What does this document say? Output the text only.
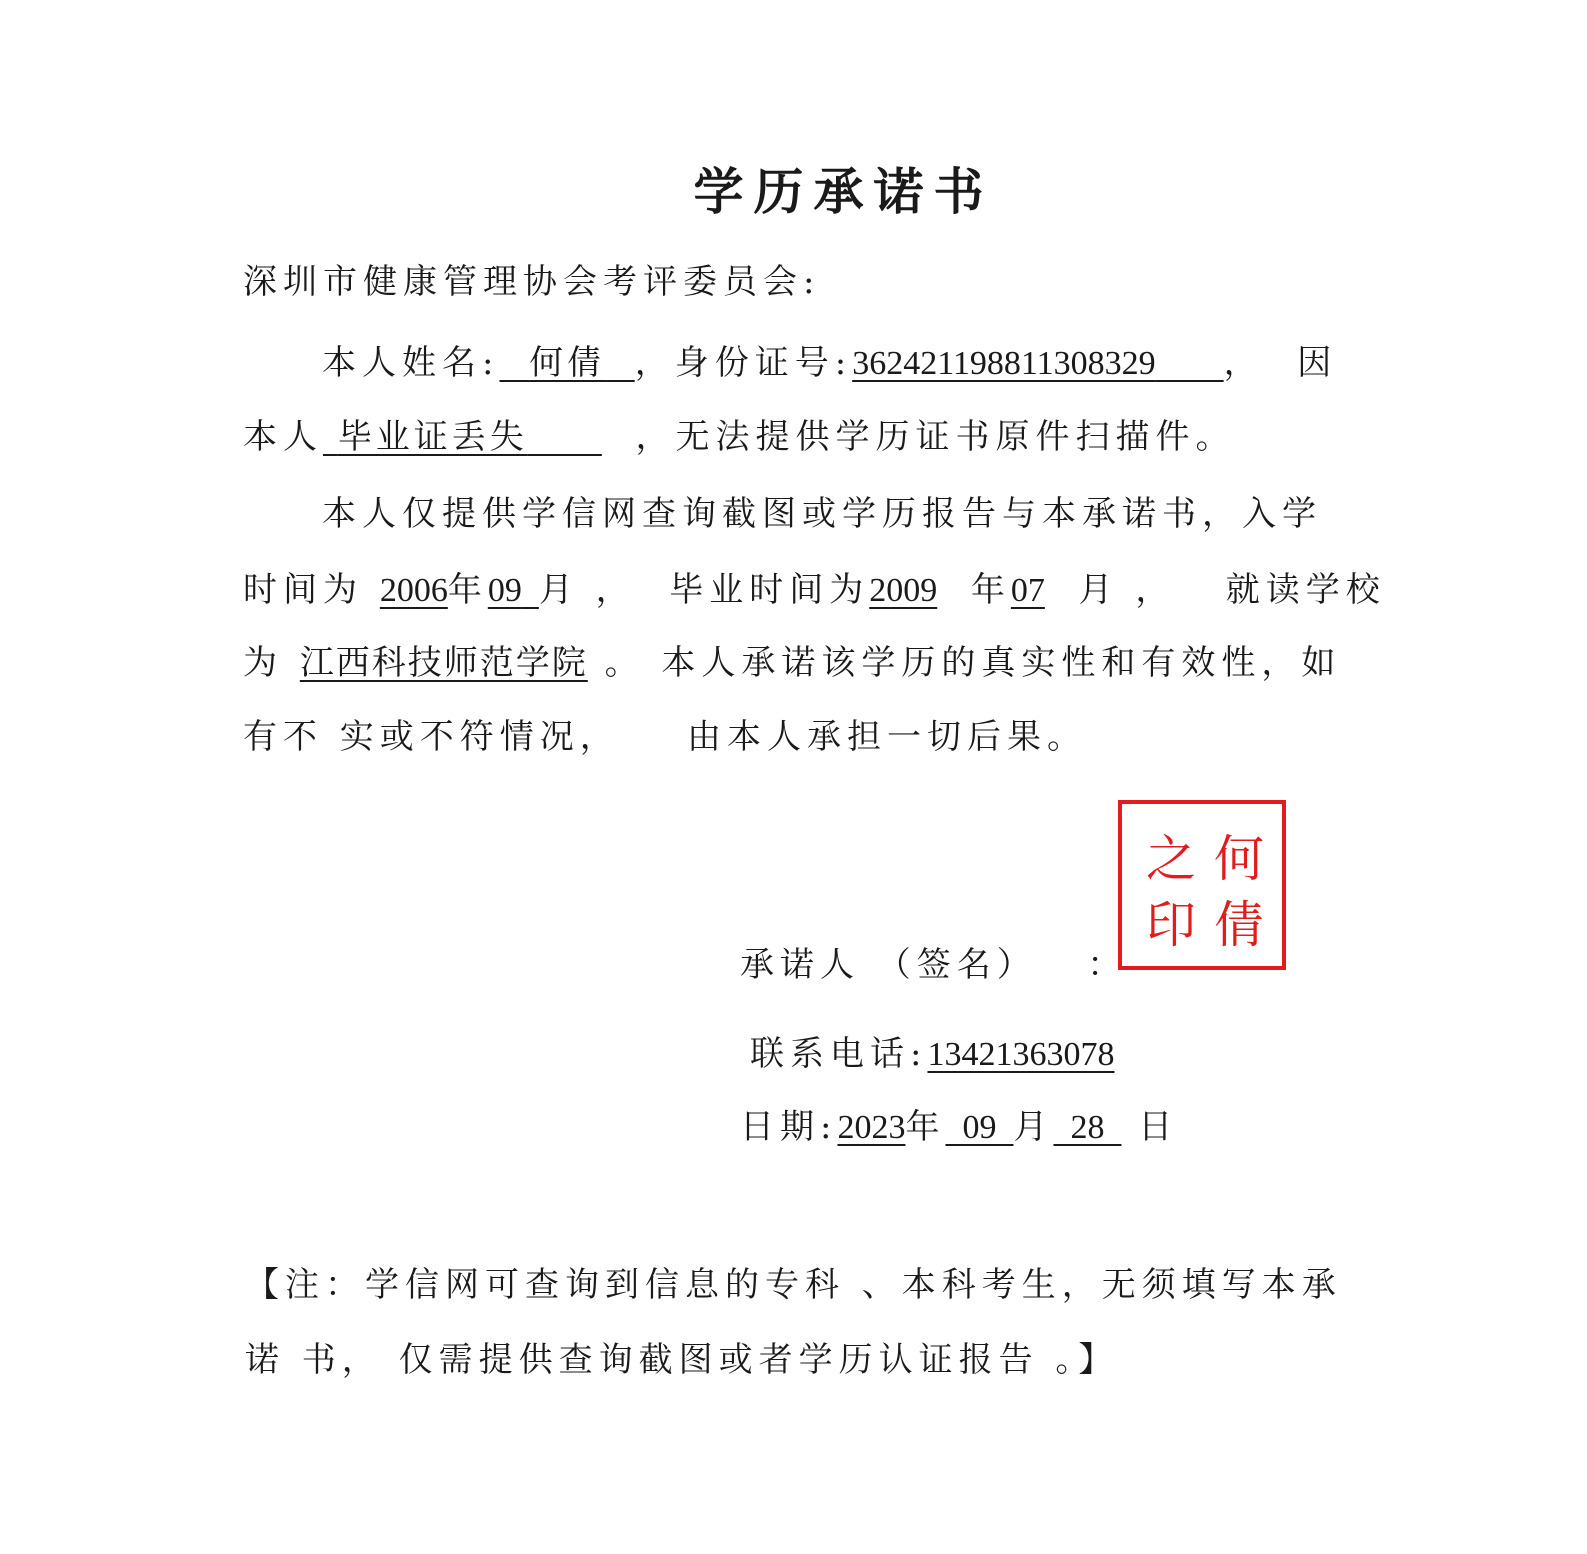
学历承诺书
深圳市健康管理协会考评委员会:
本人姓名: 何倩 ，身份证号:362421198811308329 ， 因
本人 毕业证丢失	，无法提供学历证书原件扫描件。
本人仅提供学信网查询截图或学历报告与本承诺书，入学
时间为 2006年09 月 ， 毕业时间为2009 年07 月 ， 就读学校
为 江西科技师范学院 。 本人承诺该学历的真实性和有效性，如
有不 实或不符情况， 由本人承担一切后果。
何
倩
之
印
承诺人 （签名） ：
联系电话:13421363078
日期:2023年 09 月 28 日
【注：学信网可查询到信息的专科 、本科考生，无须填写本承
诺 书， 仅需提供查询截图或者学历认证报告 。】
